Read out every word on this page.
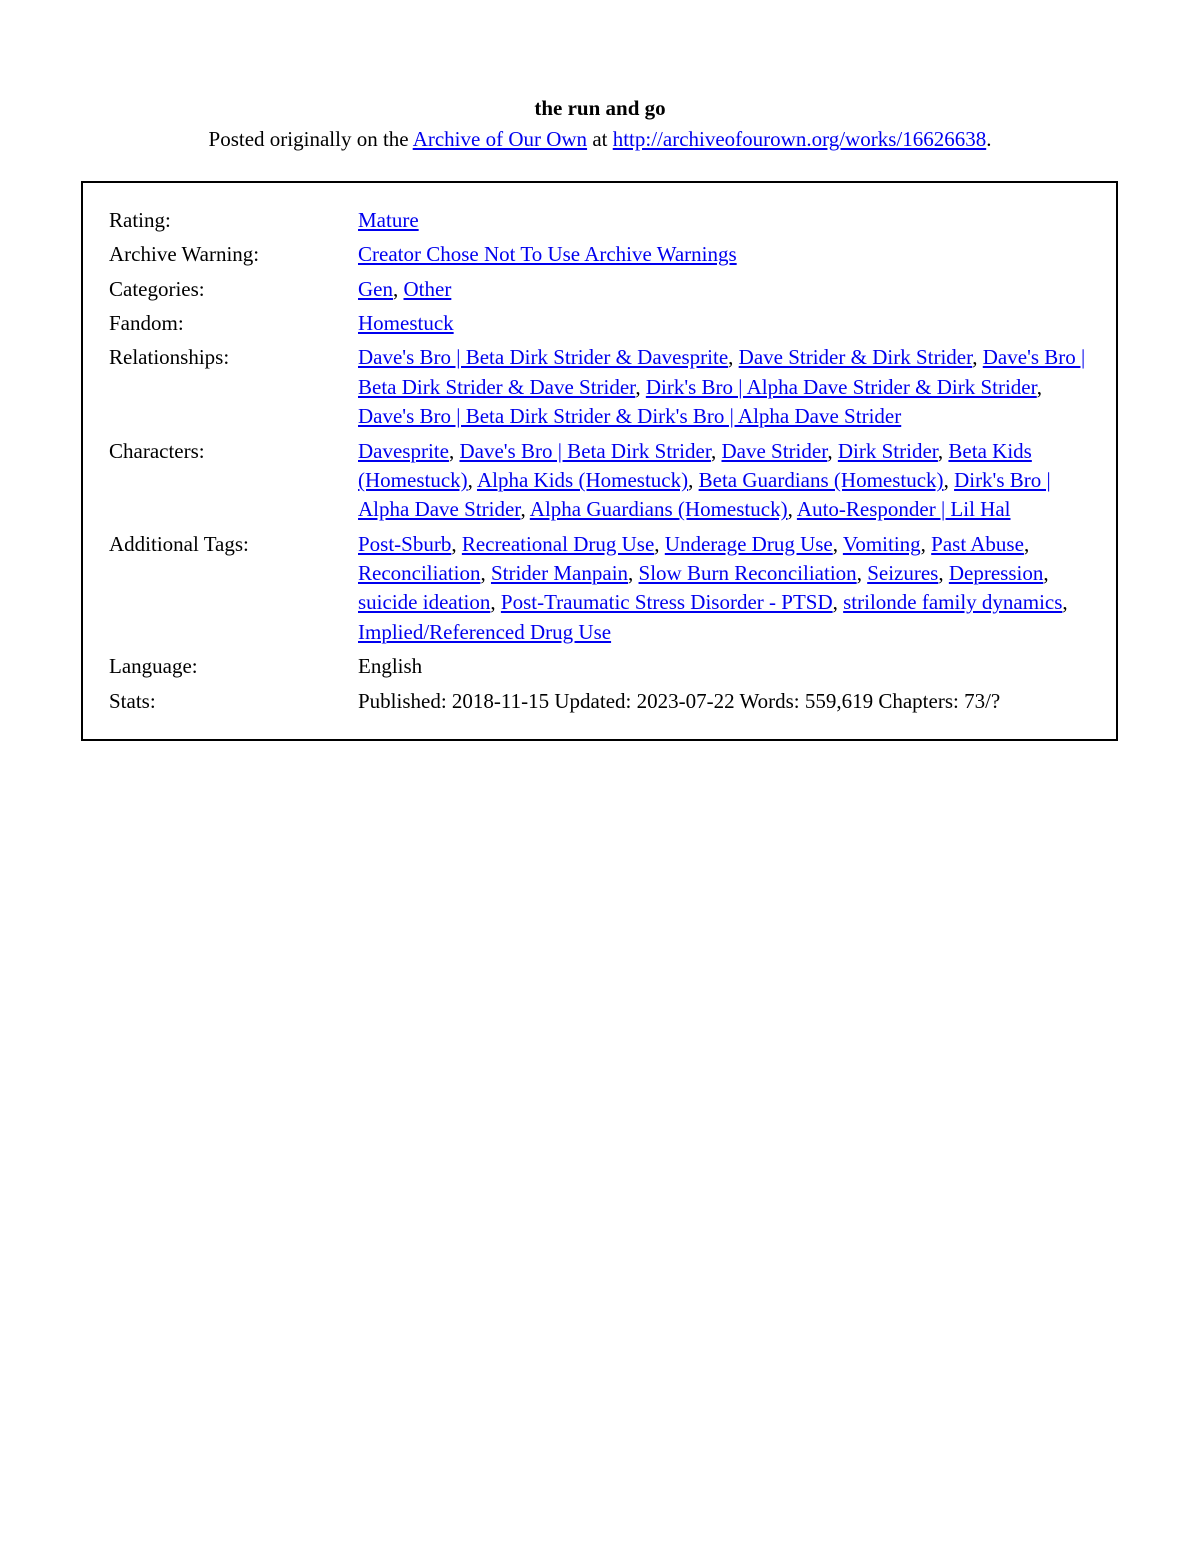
the run and go

Posted originally on the Archive of Our Own at http://archiveofourown.org/works/16626638.

Rating:	Mature
Archive Warning:	Creator Chose Not To Use Archive Warnings
Categories:	Gen, Other
Fandom:	Homestuck
Relationships:	Dave's Bro | Beta Dirk Strider & Davesprite, Dave Strider & Dirk Strider, Dave's Bro | Beta Dirk Strider & Dave Strider, Dirk's Bro | Alpha Dave Strider & Dirk Strider, Dave's Bro | Beta Dirk Strider & Dirk's Bro | Alpha Dave Strider
Characters:	Davesprite, Dave's Bro | Beta Dirk Strider, Dave Strider, Dirk Strider, Beta Kids (Homestuck), Alpha Kids (Homestuck), Beta Guardians (Homestuck), Dirk's Bro | Alpha Dave Strider, Alpha Guardians (Homestuck), Auto-Responder | Lil Hal
Additional Tags:	Post-Sburb, Recreational Drug Use, Underage Drug Use, Vomiting, Past Abuse, Reconciliation, Strider Manpain, Slow Burn Reconciliation, Seizures, Depression, suicide ideation, Post-Traumatic Stress Disorder - PTSD, strilonde family dynamics, Implied/Referenced Drug Use
Language:	English
Stats:	Published: 2018-11-15 Updated: 2023-07-22 Words: 559,619 Chapters: 73/?
